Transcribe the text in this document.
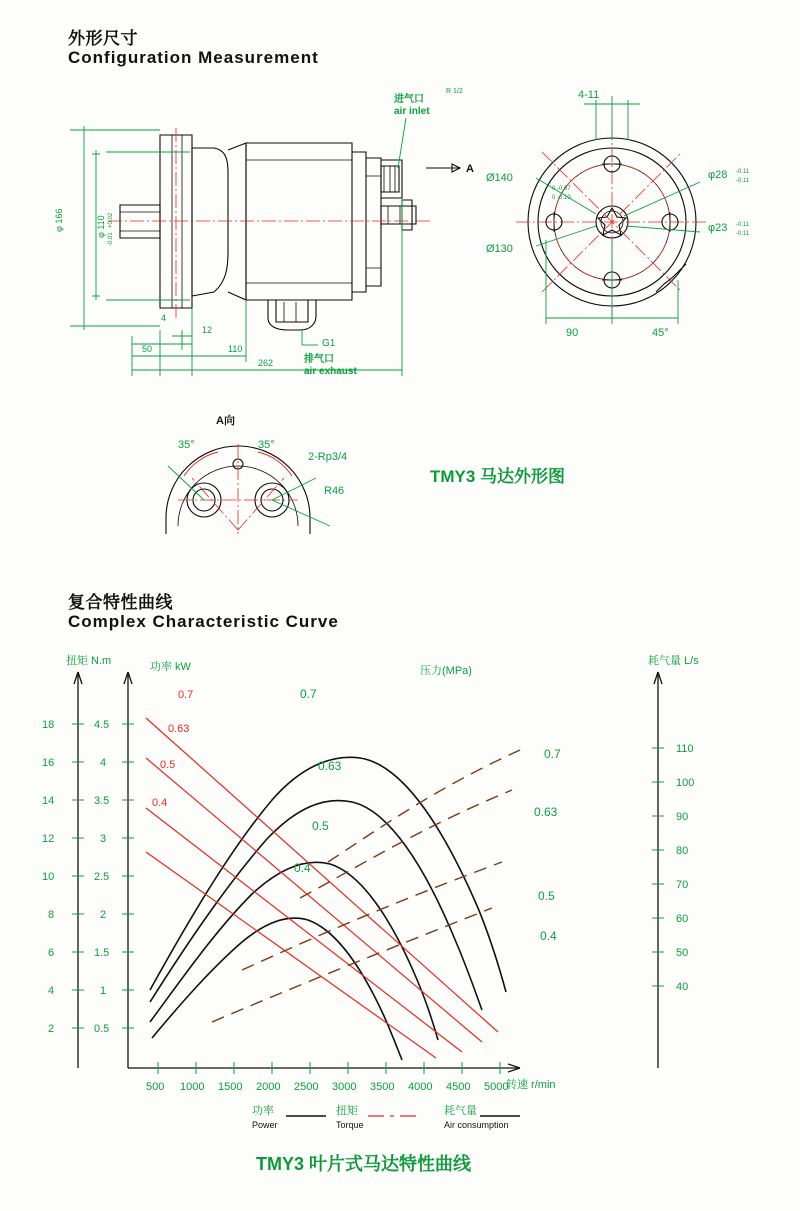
外形尺寸
Configuration Measurement
复合特性曲线
Complex Characteristic Curve
TMY3 马达外形图
TMY3 叶片式马达特性曲线
φ 166	φ 110 +0.02
-0.01
4
12
50	110
262
4-11
Ø140
Ø130
φ28 -0.11
-0.11
φ23 -0.11
-0.11
0 -0.07
0 -0.10
90	45°
35°	35°
2-Rp3/4
R46
A向
A
进气口
air inlet
R 1/2
排气口
air exhaust
G1
18
16
14
12
10
8
6
4
2
4.5
4
3.5
3
2.5
2
1.5
1
0.5
110
100
90
80
70
60
50
40
500 1000 1500 2000 2500 3000 3500 4000 4500 5000
0.7
0.63
0.5
0.4
0.7
0.63
0.5
0.4
0.7
0.63
0.5
0.4
扭矩 N.m	功率 kW	耗气量 L/s
压力(MPa)
转速 r/min
功率
Power
扭矩
Torque
耗气量
Air consumption
